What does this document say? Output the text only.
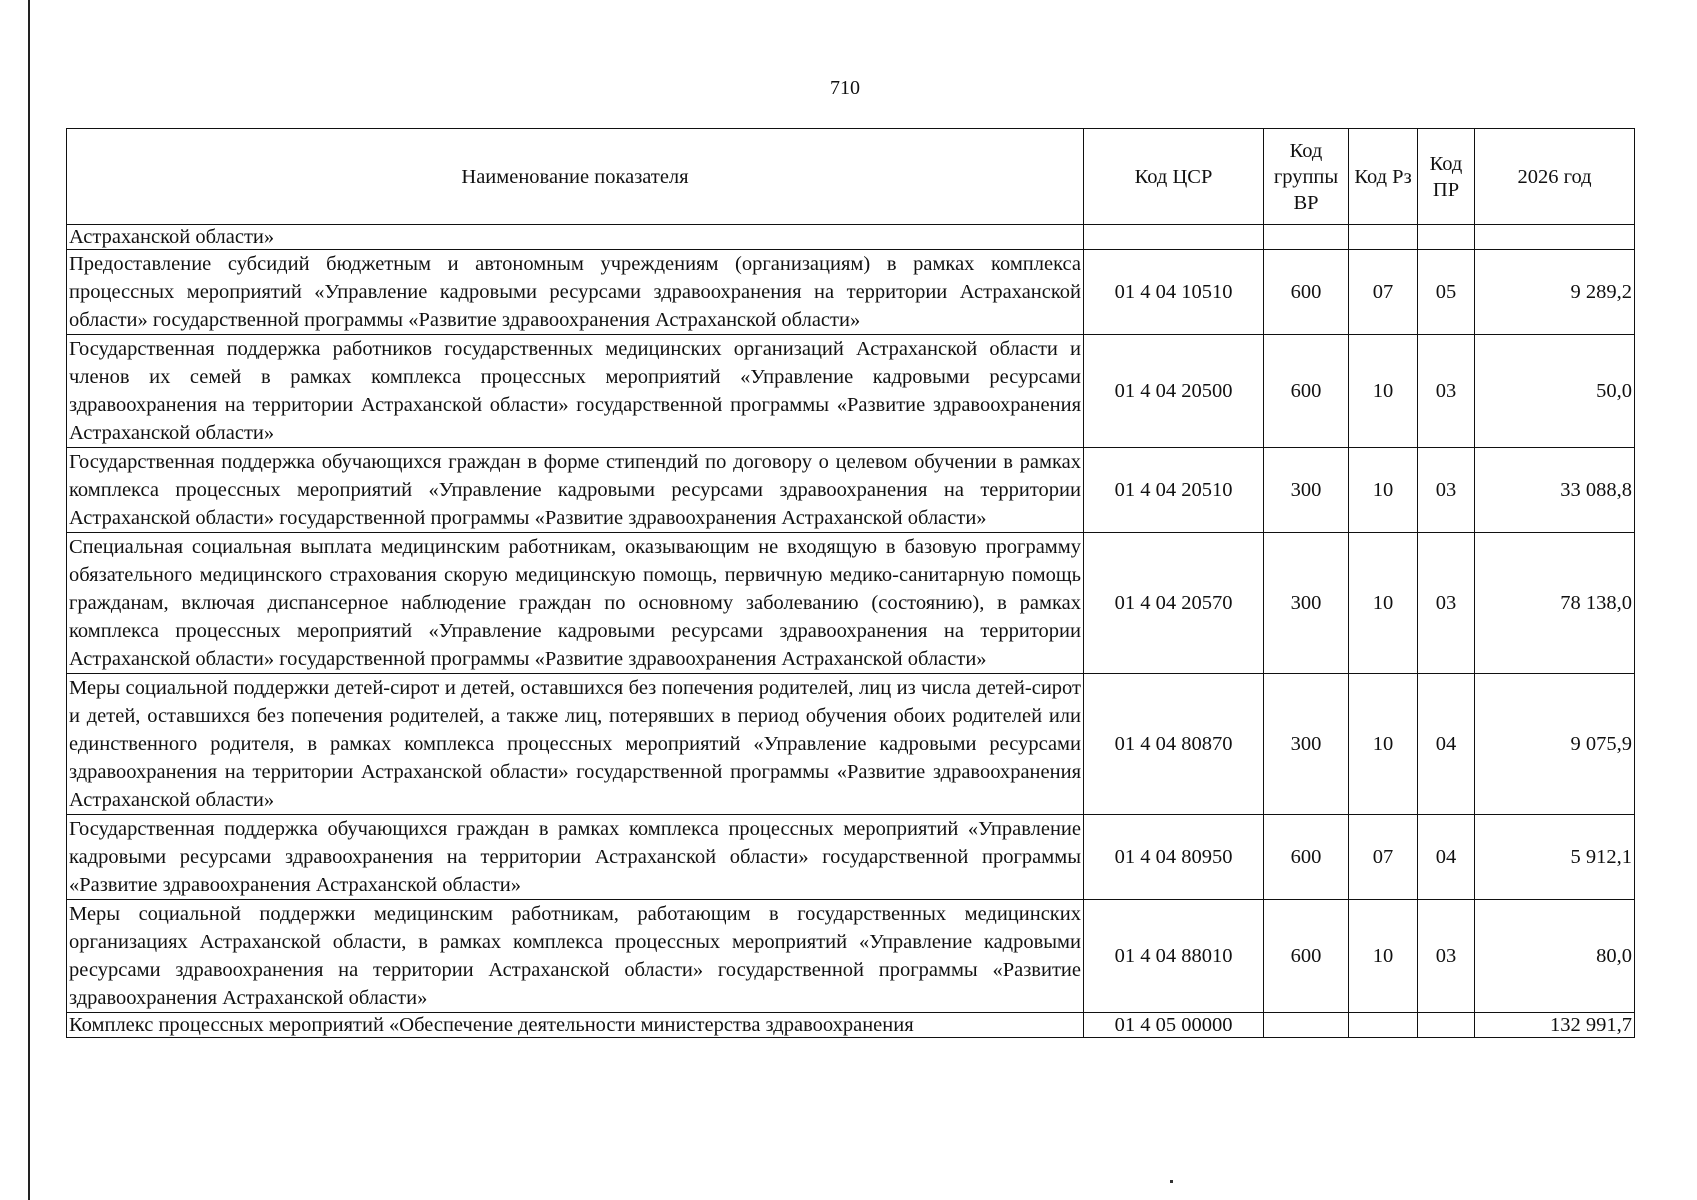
710
Наименование показателя	Код ЦСР	Код группы ВР	Код Рз	Код ПР	2026 год
Астраханской области»					
Предоставление субсидий бюджетным и автономным учреждениям (организациям) в рамках комплекса процессных мероприятий «Управление кадровыми ресурсами здравоохранения на территории Астраханской области» государственной программы «Развитие здравоохранения Астраханской области»	01 4 04 10510	600	07	05	9 289,2
Государственная поддержка работников государственных медицинских организаций Астраханской области и членов их семей в рамках комплекса процессных мероприятий «Управление кадровыми ресурсами здравоохранения на территории Астраханской области» государственной программы «Развитие здравоохранения Астраханской области»	01 4 04 20500	600	10	03	50,0
Государственная поддержка обучающихся граждан в форме стипендий по договору о целевом обучении в рамках комплекса процессных мероприятий «Управление кадровыми ресурсами здравоохранения на территории Астраханской области» государственной программы «Развитие здравоохранения Астраханской области»	01 4 04 20510	300	10	03	33 088,8
Специальная социальная выплата медицинским работникам, оказывающим не входящую в базовую программу обязательного медицинского страхования скорую медицинскую помощь, первичную медико-санитарную помощь гражданам, включая диспансерное наблюдение граждан по основному заболеванию (состоянию), в рамках комплекса процессных мероприятий «Управление кадровыми ресурсами здравоохранения на территории Астраханской области» государственной программы «Развитие здравоохранения Астраханской области»	01 4 04 20570	300	10	03	78 138,0
Меры социальной поддержки детей-сирот и детей, оставшихся без попечения родителей, лиц из числа детей-сирот и детей, оставшихся без попечения родителей, а также лиц, потерявших в период обучения обоих родителей или единственного родителя, в рамках комплекса процессных мероприятий «Управление кадровыми ресурсами здравоохранения на территории Астраханской области» государственной программы «Развитие здравоохранения Астраханской области»	01 4 04 80870	300	10	04	9 075,9
Государственная поддержка обучающихся граждан в рамках комплекса процессных мероприятий «Управление кадровыми ресурсами здравоохранения на территории Астраханской области» государственной программы «Развитие здравоохранения Астраханской области»	01 4 04 80950	600	07	04	5 912,1
Меры социальной поддержки медицинским работникам, работающим в государственных медицинских организациях Астраханской области, в рамках комплекса процессных мероприятий «Управление кадровыми ресурсами здравоохранения на территории Астраханской области» государственной программы «Развитие здравоохранения Астраханской области»	01 4 04 88010	600	10	03	80,0
Комплекс процессных мероприятий «Обеспечение деятельности министерства здравоохранения	01 4 05 00000				132 991,7
